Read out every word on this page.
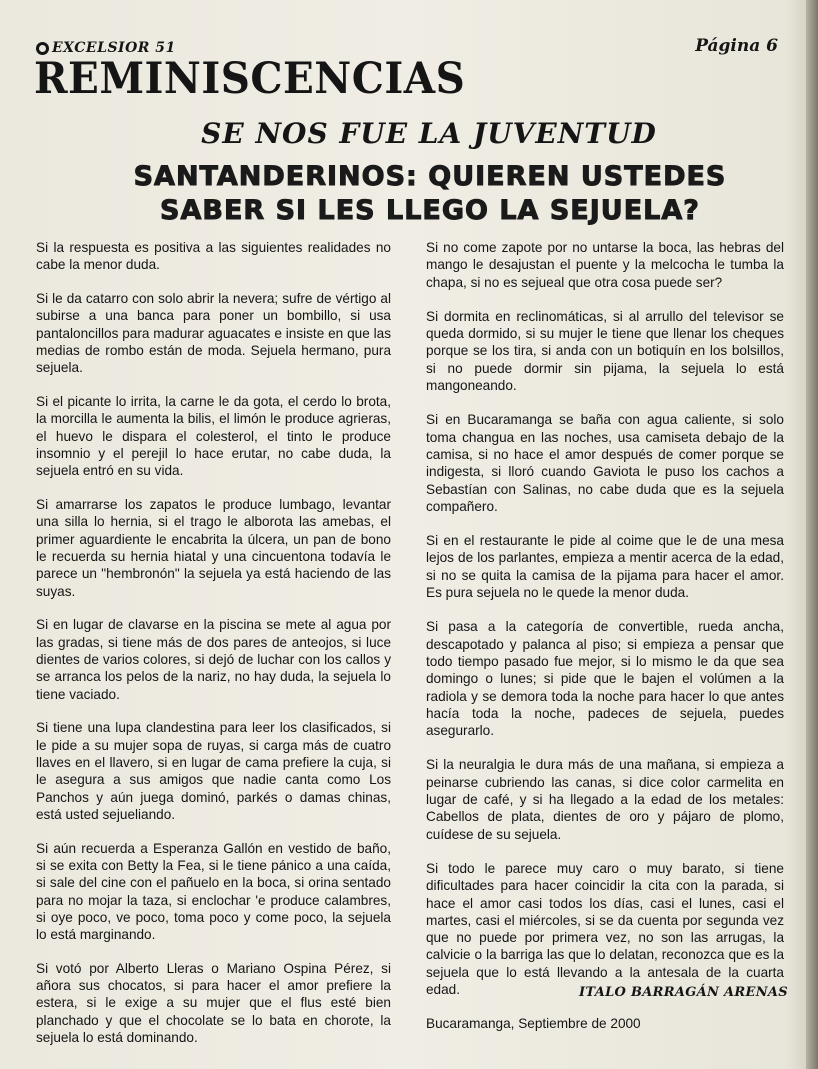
EXCELSIOR 51	Página 6
REMINISCENCIAS
SE NOS FUE LA JUVENTUD
SANTANDERINOS: QUIEREN USTEDES
SABER SI LES LLEGO LA SEJUELA?

Si la respuesta es positiva a las siguientes realidades no cabe la menor duda.

Si le da catarro con solo abrir la nevera; sufre de vértigo al subirse a una banca para poner un bombillo, si usa pantaloncillos para madurar aguacates e insiste en que las medias de rombo están de moda. Sejuela hermano, pura sejuela.

Si el picante lo irrita, la carne le da gota, el cerdo lo brota, la morcilla le aumenta la bilis, el limón le produce agrieras, el huevo le dispara el colesterol, el tinto le produce insomnio y el perejil lo hace erutar, no cabe duda, la sejuela entró en su vida.

Si amarrarse los zapatos le produce lumbago, levantar una silla lo hernia, si el trago le alborota las amebas, el primer aguardiente le encabrita la úlcera, un pan de bono le recuerda su hernia hiatal y una cincuentona todavía le parece un "hembronón" la sejuela ya está haciendo de las suyas.

Si en lugar de clavarse en la piscina se mete al agua por las gradas, si tiene más de dos pares de anteojos, si luce dientes de varios colores, si dejó de luchar con los callos y se arranca los pelos de la nariz, no hay duda, la sejuela lo tiene vaciado.

Si tiene una lupa clandestina para leer los clasificados, si le pide a su mujer sopa de ruyas, si carga más de cuatro llaves en el llavero, si en lugar de cama prefiere la cuja, si le asegura a sus amigos que nadie canta como Los Panchos y aún juega dominó, parkés o damas chinas, está usted sejueliando.

Si aún recuerda a Esperanza Gallón en vestido de baño, si se exita con Betty la Fea, si le tiene pánico a una caída, si sale del cine con el pañuelo en la boca, si orina sentado para no mojar la taza, si enclochar 'e produce calambres, si oye poco, ve poco, toma poco y come poco, la sejuela lo está marginando.

Si votó por Alberto Lleras o Mariano Ospina Pérez, si añora sus chocatos, si para hacer el amor prefiere la estera, si le exige a su mujer que el flus esté bien planchado y que el chocolate se lo bata en chorote, la sejuela lo está dominando.

Si no come zapote por no untarse la boca, las hebras del mango le desajustan el puente y la melcocha le tumba la chapa, si no es sejueal que otra cosa puede ser?

Si dormita en reclinomáticas, si al arrullo del televisor se queda dormido, si su mujer le tiene que llenar los cheques porque se los tira, si anda con un botiquín en los bolsillos, si no puede dormir sin pijama, la sejuela lo está mangoneando.

Si en Bucaramanga se baña con agua caliente, si solo toma changua en las noches, usa camiseta debajo de la camisa, si no hace el amor después de comer porque se indigesta, si lloró cuando Gaviota le puso los cachos a Sebastían con Salinas, no cabe duda que es la sejuela compañero.

Si en el restaurante le pide al coime que le de una mesa lejos de los parlantes, empieza a mentir acerca de la edad, si no se quita la camisa de la pijama para hacer el amor. Es pura sejuela no le quede la menor duda.

Si pasa a la categoría de convertible, rueda ancha, descapotado y palanca al piso; si empieza a pensar que todo tiempo pasado fue mejor, si lo mismo le da que sea domingo o lunes; si pide que le bajen el volúmen a la radiola y se demora toda la noche para hacer lo que antes hacía toda la noche, padeces de sejuela, puedes asegurarlo.

Si la neuralgia le dura más de una mañana, si empieza a peinarse cubriendo las canas, si dice color carmelita en lugar de café, y si ha llegado a la edad de los metales: Cabellos de plata, dientes de oro y pájaro de plomo, cuídese de su sejuela.

Si todo le parece muy caro o muy barato, si tiene dificultades para hacer coincidir la cita con la parada, si hace el amor casi todos los días, casi el lunes, casi el martes, casi el miércoles, si se da cuenta por segunda vez que no puede por primera vez, no son las arrugas, la calvicie o la barriga las que lo delatan, reconozca que es la sejuela que lo está llevando a la antesala de la cuarta edad.

Bucaramanga, Septiembre de 2000

ITALO BARRAGÁN ARENAS
